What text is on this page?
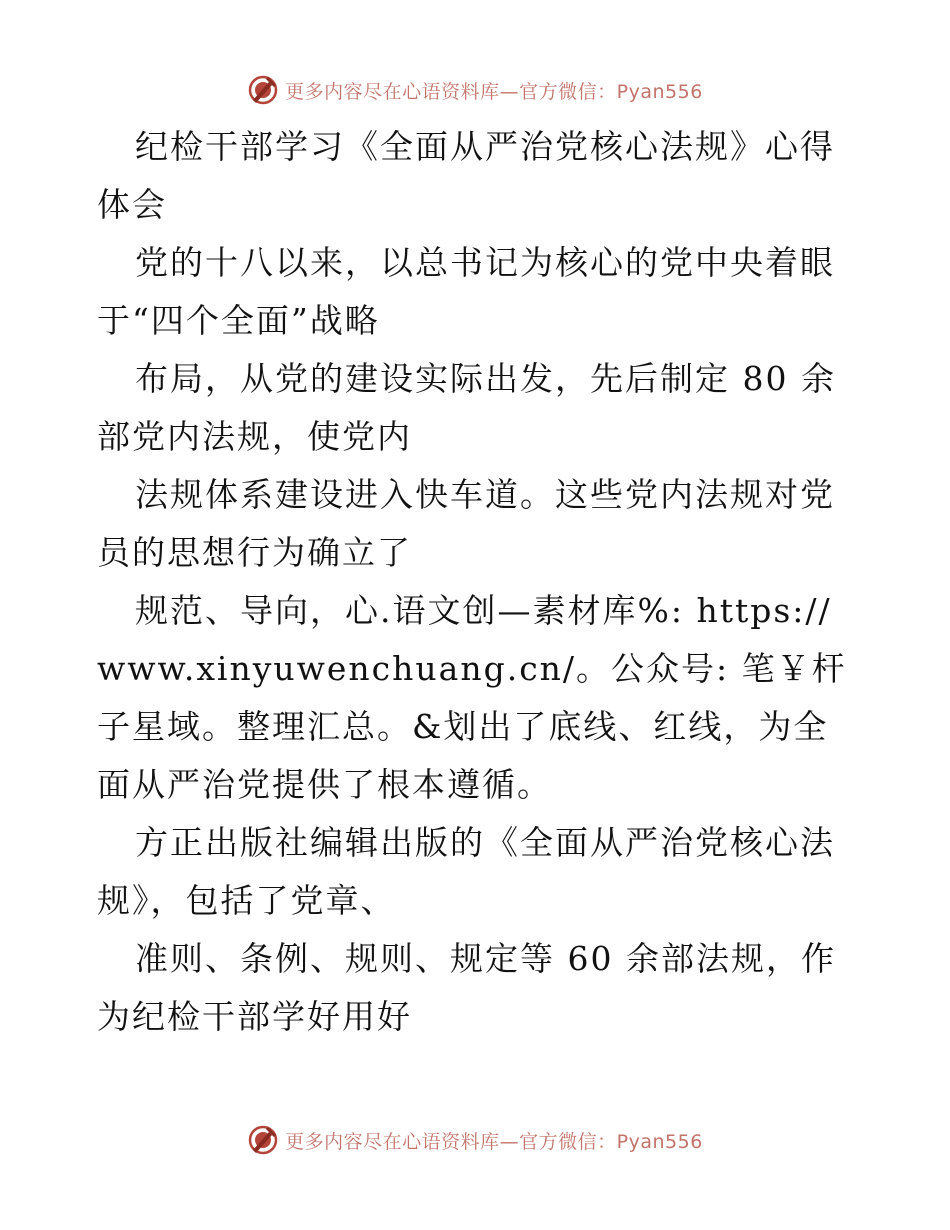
更多内容尽在心语资料库—官方微信：Pyan556

纪检干部学习《全面从严治党核心法规》心得体会

党的十八以来，以总书记为核心的党中央着眼于“四个全面”战略

布局，从党的建设实际出发，先后制定 80 余部党内法规，使党内

法规体系建设进入快车道。这些党内法规对党员的思想行为确立了

规范、导向，心.语文创—素材库%: https://www.xinyuwenchuang.cn/。公众号: 笔￥杆子星域。整理汇总。&划出了底线、红线，为全面从严治党提供了根本遵循。

方正出版社编辑出版的《全面从严治党核心法规》，包括了党章、

准则、条例、规则、规定等 60 余部法规，作为纪检干部学好用好

更多内容尽在心语资料库—官方微信：Pyan556
